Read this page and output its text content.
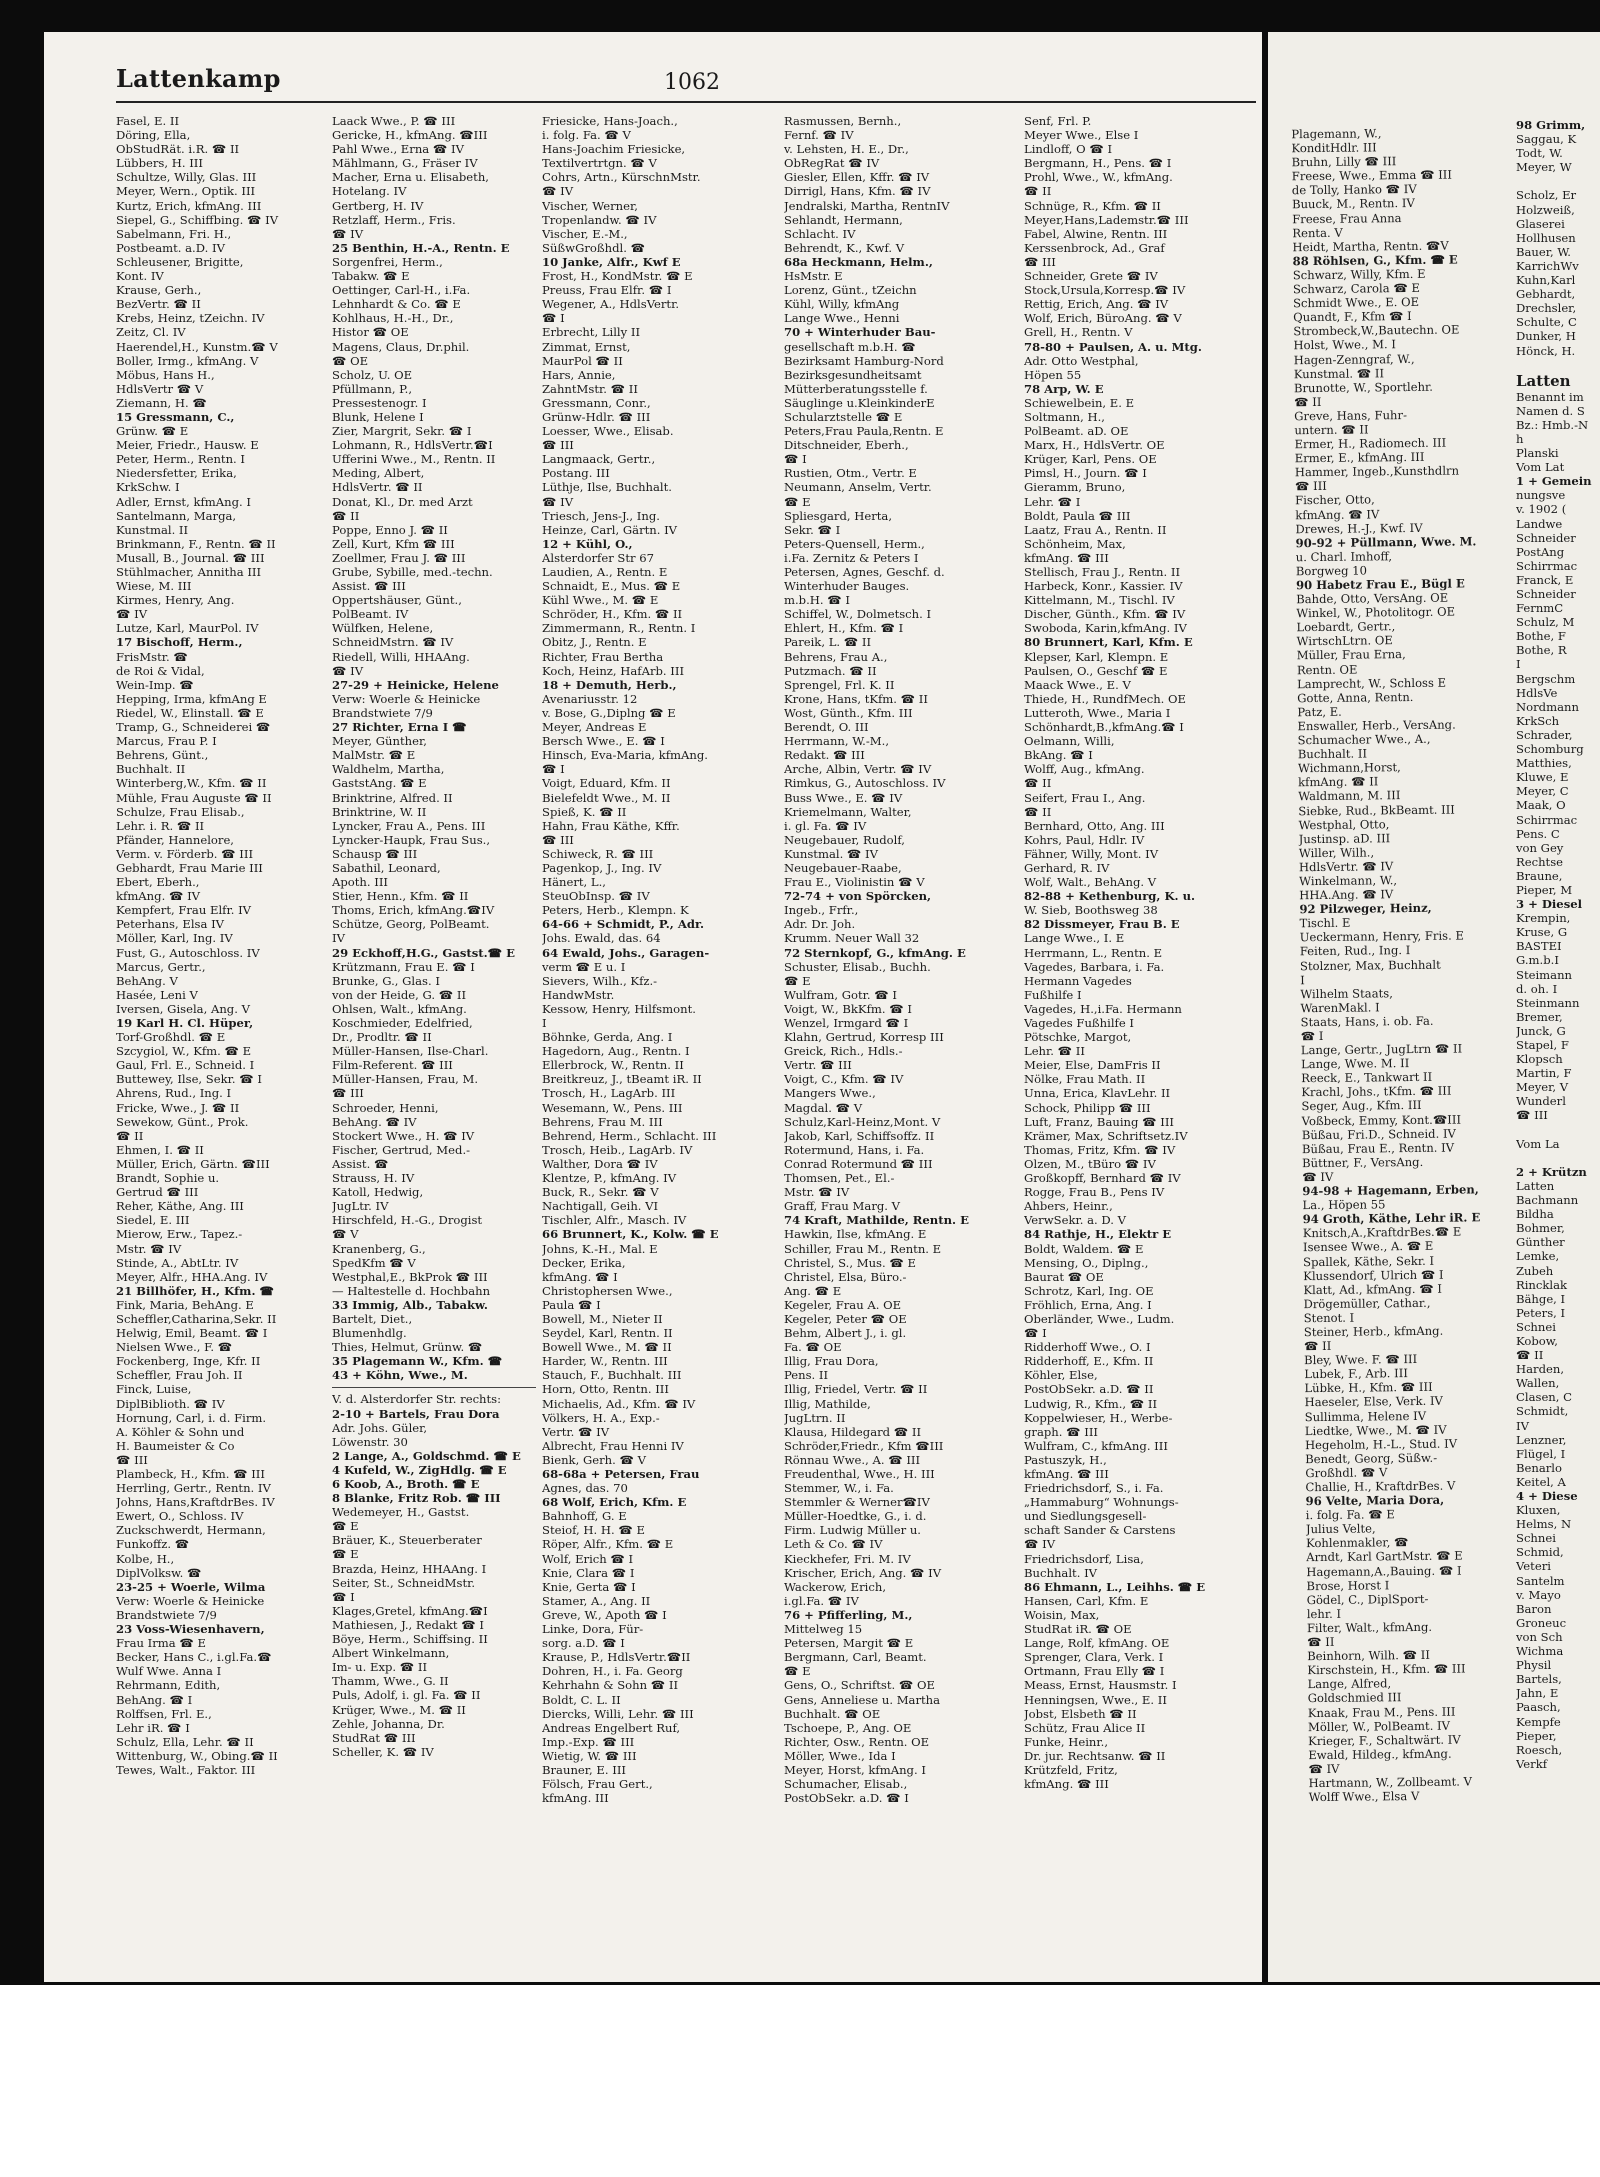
Lattenkamp	1062
Fasel, E. II
Döring, Ella,
ObStudRät. i.R. ☎ II
Lübbers, H. III
Schultze, Willy, Glas. III
Meyer, Wern., Optik. III
Kurtz, Erich, kfmAng. III
Siepel, G., Schiffbing. ☎ IV
Sabelmann, Fri. H.,
Postbeamt. a.D. IV
Schleusener, Brigitte,
Kont. IV
Krause, Gerh.,
BezVertr. ☎ II
Krebs, Heinz, tZeichn. IV
Zeitz, Cl. IV
Haerendel,H., Kunstm.☎ V
Boller, Irmg., kfmAng. V
Möbus, Hans H.,
HdlsVertr ☎ V
Ziemann, H. ☎
15 Gressmann, C.,
Grünw. ☎ E
Meier, Friedr., Hausw. E
Peter, Herm., Rentn. I
Niedersfetter, Erika,
KrkSchw. I
Adler, Ernst, kfmAng. I
Santelmann, Marga,
Kunstmal. II
Brinkmann, F., Rentn. ☎ II
Musall, B., Journal. ☎ III
Stühlmacher, Annitha III
Wiese, M. III
Kirmes, Henry, Ang.
☎ IV
Lutze, Karl, MaurPol. IV
17 Bischoff, Herm.,
FrisMstr. ☎
de Roi & Vidal,
Wein-Imp. ☎
Hepping, Irma, kfmAng E
Riedel, W., Elinstall. ☎ E
Tramp, G., Schneiderei ☎
Marcus, Frau P. I
Behrens, Günt.,
Buchhalt. II
Winterberg,W., Kfm. ☎ II
Mühle, Frau Auguste ☎ II
Schulze, Frau Elisab.,
Lehr. i. R. ☎ II
Pfänder, Hannelore,
Verm. v. Förderb. ☎ III
Gebhardt, Frau Marie III
Ebert, Eberh.,
kfmAng. ☎ IV
Kempfert, Frau Elfr. IV
Peterhans, Elsa IV
Möller, Karl, Ing. IV
Fust, G., Autoschloss. IV
Marcus, Gertr.,
BehAng. V
Hasée, Leni V
Iversen, Gisela, Ang. V
19 Karl H. Cl. Hüper,
Torf-Großhdl. ☎ E
Szcygiol, W., Kfm. ☎ E
Gaul, Frl. E., Schneid. I
Buttewey, Ilse, Sekr. ☎ I
Ahrens, Rud., Ing. I
Fricke, Wwe., J. ☎ II
Sewekow, Günt., Prok.
☎ II
Ehmen, I. ☎ II
Müller, Erich, Gärtn. ☎III
Brandt, Sophie u.
Gertrud ☎ III
Reher, Käthe, Ang. III
Siedel, E. III
Mierow, Erw., Tapez.-
Mstr. ☎ IV
Stinde, A., AbtLtr. IV
Meyer, Alfr., HHA.Ang. IV
21 Billhöfer, H., Kfm. ☎
Fink, Maria, BehAng. E
Scheffler,Catharina,Sekr. II
Helwig, Emil, Beamt. ☎ I
Nielsen Wwe., F. ☎
Fockenberg, Inge, Kfr. II
Scheffler, Frau Joh. II
Finck, Luise,
DiplBiblioth. ☎ IV
Hornung, Carl, i. d. Firm.
A. Köhler & Sohn und
H. Baumeister & Co
☎ III
Plambeck, H., Kfm. ☎ III
Herrling, Gertr., Rentn. IV
Johns, Hans,KraftdrBes. IV
Ewert, O., Schloss. IV
Zuckschwerdt, Hermann,
Funkoffz. ☎
Kolbe, H.,
DiplVolksw. ☎
23-25 + Woerle, Wilma
Verw: Woerle & Heinicke
Brandstwiete 7/9
23 Voss-Wiesenhavern,
Frau Irma ☎ E
Becker, Hans C., i.gl.Fa.☎
Wulf Wwe. Anna I
Rehrmann, Edith,
BehAng. ☎ I
Rolffsen, Frl. E.,
Lehr iR. ☎ I
Schulz, Ella, Lehr. ☎ II
Wittenburg, W., Obing.☎ II
Tewes, Walt., Faktor. III
Laack Wwe., P. ☎ III
Gericke, H., kfmAng. ☎III
Pahl Wwe., Erna ☎ IV
Mählmann, G., Fräser IV
Macher, Erna u. Elisabeth,
Hotelang. IV
Gertberg, H. IV
Retzlaff, Herm., Fris.
☎ IV
25 Benthin, H.-A., Rentn. E
Sorgenfrei, Herm.,
Tabakw. ☎ E
Oettinger, Carl-H., i.Fa.
Lehnhardt & Co. ☎ E
Kohlhaus, H.-H., Dr.,
Histor ☎ OE
Magens, Claus, Dr.phil.
☎ OE
Scholz, U. OE
Pfüllmann, P.,
Pressestenogr. I
Blunk, Helene I
Zier, Margrit, Sekr. ☎ I
Lohmann, R., HdlsVertr.☎I
Ufferini Wwe., M., Rentn. II
Meding, Albert,
HdlsVertr. ☎ II
Donat, Kl., Dr. med Arzt
☎ II
Poppe, Enno J. ☎ II
Zell, Kurt, Kfm ☎ III
Zoellmer, Frau J. ☎ III
Grube, Sybille, med.-techn.
Assist. ☎ III
Oppertshäuser, Günt.,
PolBeamt. IV
Wülfken, Helene,
SchneidMstrn. ☎ IV
Riedell, Willi, HHAAng.
☎ IV
27-29 + Heinicke, Helene
Verw: Woerle & Heinicke
Brandstwiete 7/9
27 Richter, Erna I ☎
Meyer, Günther,
MalMstr. ☎ E
Waldhelm, Martha,
GaststAng. ☎ E
Brinktrine, Alfred. II
Brinktrine, W. II
Lyncker, Frau A., Pens. III
Lyncker-Haupk, Frau Sus.,
Schausp ☎ III
Sabathil, Leonard,
Apoth. III
Stier, Henn., Kfm. ☎ II
Thoms, Erich, kfmAng.☎IV
Schütze, Georg, PolBeamt.
IV
29 Eckhoff,H.G., Gastst.☎ E
Krützmann, Frau E. ☎ I
Brunke, G., Glas. I
von der Heide, G. ☎ II
Ohlsen, Walt., kfmAng.
Koschmieder, Edelfried,
Dr., Prodltr. ☎ II
Müller-Hansen, Ilse-Charl.
Film-Referent. ☎ III
Müller-Hansen, Frau, M.
☎ III
Schroeder, Henni,
BehAng. ☎ IV
Stockert Wwe., H. ☎ IV
Fischer, Gertrud, Med.-
Assist. ☎
Strauss, H. IV
Katoll, Hedwig,
JugLtr. IV
Hirschfeld, H.-G., Drogist
☎ V
Kranenberg, G.,
SpedKfm ☎ V
Westphal,E., BkProk ☎ III
— Haltestelle d. Hochbahn
33 Immig, Alb., Tabakw.
Bartelt, Diet.,
Blumenhdlg.
Thies, Helmut, Grünw. ☎
35 Plagemann W., Kfm. ☎
43 + Köhn, Wwe., M.
V. d. Alsterdorfer Str. rechts:
2-10 + Bartels, Frau Dora
Adr. Johs. Güler,
Löwenstr. 30
2 Lange, A., Goldschmd. ☎ E
4 Kufeld, W., ZigHdlg. ☎ E
6 Koob, A., Broth. ☎ E
8 Blanke, Fritz Rob. ☎ III
Wedemeyer, H., Gastst.
☎ E
Bräuer, K., Steuerberater
☎ E
Brazda, Heinz, HHAAng. I
Seiter, St., SchneidMstr.
☎ I
Klages,Gretel, kfmAng.☎I
Mathiesen, J., Redakt ☎ I
Böye, Herm., Schiffsing. II
Albert Winkelmann,
Im- u. Exp. ☎ II
Thamm, Wwe., G. II
Puls, Adolf, i. gl. Fa. ☎ II
Krüger, Wwe., M. ☎ II
Zehle, Johanna, Dr.
StudRat ☎ III
Scheller, K. ☎ IV
Friesicke, Hans-Joach.,
i. folg. Fa. ☎ V
Hans-Joachim Friesicke,
Textilvertrtgn. ☎ V
Cohrs, Artn., KürschnMstr.
☎ IV
Vischer, Werner,
Tropenlandw. ☎ IV
Vischer, E.-M.,
SüßwGroßhdl. ☎
10 Janke, Alfr., Kwf E
Frost, H., KondMstr. ☎ E
Preuss, Frau Elfr. ☎ I
Wegener, A., HdlsVertr.
☎ I
Erbrecht, Lilly II
Zimmat, Ernst,
MaurPol ☎ II
Hars, Annie,
ZahntMstr. ☎ II
Gressmann, Conr.,
Grünw-Hdlr. ☎ III
Loesser, Wwe., Elisab.
☎ III
Langmaack, Gertr.,
Postang. III
Lüthje, Ilse, Buchhalt.
☎ IV
Triesch, Jens-J., Ing.
Heinze, Carl, Gärtn. IV
12 + Kühl, O.,
Alsterdorfer Str 67
Laudien, A., Rentn. E
Schnaidt, E., Mus. ☎ E
Kühl Wwe., M. ☎ E
Schröder, H., Kfm. ☎ II
Zimmermann, R., Rentn. I
Obitz, J., Rentn. E
Richter, Frau Bertha
Koch, Heinz, HafArb. III
18 + Demuth, Herb.,
Avenariusstr. 12
v. Bose, G.,Diplng ☎ E
Meyer, Andreas E
Bersch Wwe., E. ☎ I
Hinsch, Eva-Maria, kfmAng.
☎ I
Voigt, Eduard, Kfm. II
Bielefeldt Wwe., M. II
Spieß, K. ☎ II
Hahn, Frau Käthe, Kffr.
☎ III
Schiweck, R. ☎ III
Pagenkop, J., Ing. IV
Hänert, L.,
SteuObInsp. ☎ IV
Peters, Herb., Klempn. K
64-66 + Schmidt, P., Adr.
Johs. Ewald, das. 64
64 Ewald, Johs., Garagen-
verm ☎ E u. I
Sievers, Wilh., Kfz.-
HandwMstr.
Kessow, Henry, Hilfsmont.
I
Böhnke, Gerda, Ang. I
Hagedorn, Aug., Rentn. I
Ellerbrock, W., Rentn. II
Breitkreuz, J., tBeamt iR. II
Trosch, H., LagArb. III
Wesemann, W., Pens. III
Behrens, Frau M. III
Behrend, Herm., Schlacht. III
Trosch, Heib., LagArb. IV
Walther, Dora ☎ IV
Klentze, P., kfmAng. IV
Buck, R., Sekr. ☎ V
Nachtigall, Geih. VI
Tischler, Alfr., Masch. IV
66 Brunnert, K., Kolw. ☎ E
Johns, K.-H., Mal. E
Decker, Erika,
kfmAng. ☎ I
Christophersen Wwe.,
Paula ☎ I
Bowell, M., Nieter II
Seydel, Karl, Rentn. II
Bowell Wwe., M. ☎ II
Harder, W., Rentn. III
Stauch, F., Buchhalt. III
Horn, Otto, Rentn. III
Michaelis, Ad., Kfm. ☎ IV
Völkers, H. A., Exp.-
Vertr. ☎ IV
Albrecht, Frau Henni IV
Bienk, Gerh. ☎ V
68-68a + Petersen, Frau
Agnes, das. 70
68 Wolf, Erich, Kfm. E
Bahnhoff, G. E
Steiof, H. H. ☎ E
Röper, Alfr., Kfm. ☎ E
Wolf, Erich ☎ I
Knie, Clara ☎ I
Knie, Gerta ☎ I
Stamer, A., Ang. II
Greve, W., Apoth ☎ I
Linke, Dora, Für-
sorg. a.D. ☎ I
Krause, P., HdlsVertr.☎II
Dohren, H., i. Fa. Georg
Kehrhahn & Sohn ☎ II
Boldt, C. L. II
Diercks, Willi, Lehr. ☎ III
Andreas Engelbert Ruf,
Imp.-Exp. ☎ III
Wietig, W. ☎ III
Brauner, E. III
Fölsch, Frau Gert.,
kfmAng. III
Rasmussen, Bernh.,
Fernf. ☎ IV
v. Lehsten, H. E., Dr.,
ObRegRat ☎ IV
Giesler, Ellen, Kffr. ☎ IV
Dirrigl, Hans, Kfm. ☎ IV
Jendralski, Martha, RentnIV
Sehlandt, Hermann,
Schlacht. IV
Behrendt, K., Kwf. V
68a Heckmann, Helm.,
HsMstr. E
Lorenz, Günt., tZeichn
Kühl, Willy, kfmAng
Lange Wwe., Henni
70 + Winterhuder Bau-
gesellschaft m.b.H. ☎
Bezirksamt Hamburg-Nord
Bezirksgesundheitsamt
Mütterberatungsstelle f.
Säuglinge u.KleinkinderE
Schularztstelle ☎ E
Peters,Frau Paula,Rentn. E
Ditschneider, Eberh.,
☎ I
Rustien, Otm., Vertr. E
Neumann, Anselm, Vertr.
☎ E
Spliesgard, Herta,
Sekr. ☎ I
Peters-Quensell, Herm.,
i.Fa. Zernitz & Peters I
Petersen, Agnes, Geschf. d.
Winterhuder Bauges.
m.b.H. ☎ I
Schiffel, W., Dolmetsch. I
Ehlert, H., Kfm. ☎ I
Pareik, L. ☎ II
Behrens, Frau A.,
Putzmach. ☎ II
Sprengel, Frl. K. II
Krone, Hans, tKfm. ☎ II
Wost, Günth., Kfm. III
Berendt, O. III
Herrmann, W.-M.,
Redakt. ☎ III
Arche, Albin, Vertr. ☎ IV
Rimkus, G., Autoschloss. IV
Buss Wwe., E. ☎ IV
Kriemelmann, Walter,
i. gl. Fa. ☎ IV
Neugebauer, Rudolf,
Kunstmal. ☎ IV
Neugebauer-Raabe,
Frau E., Violinistin ☎ V
72-74 + von Spörcken,
Ingeb., Frfr.,
Adr. Dr. Joh.
Krumm. Neuer Wall 32
72 Sternkopf, G., kfmAng. E
Schuster, Elisab., Buchh.
☎ E
Wulfram, Gotr. ☎ I
Voigt, W., BkKfm. ☎ I
Wenzel, Irmgard ☎ I
Klahn, Gertrud, Korresp III
Greick, Rich., Hdls.-
Vertr. ☎ III
Voigt, C., Kfm. ☎ IV
Mangers Wwe.,
Magdal. ☎ V
Schulz,Karl-Heinz,Mont. V
Jakob, Karl, Schiffsoffz. II
Rotermund, Hans, i. Fa.
Conrad Rotermund ☎ III
Thomsen, Pet., El.-
Mstr. ☎ IV
Graff, Frau Marg. V
74 Kraft, Mathilde, Rentn. E
Hawkin, Ilse, kfmAng. E
Schiller, Frau M., Rentn. E
Christel, S., Mus. ☎ E
Christel, Elsa, Büro.-
Ang. ☎ E
Kegeler, Frau A. OE
Kegeler, Peter ☎ OE
Behm, Albert J., i. gl.
Fa. ☎ OE
Illig, Frau Dora,
Pens. II
Illig, Friedel, Vertr. ☎ II
Illig, Mathilde,
JugLtrn. II
Klausa, Hildegard ☎ II
Schröder,Friedr., Kfm ☎III
Rönnau Wwe., A. ☎ III
Freudenthal, Wwe., H. III
Stemmer, W., i. Fa.
Stemmler & Werner☎IV
Müller-Hoedtke, G., i. d.
Firm. Ludwig Müller u.
Leth & Co. ☎ IV
Kieckhefer, Fri. M. IV
Krischer, Erich, Ang. ☎ IV
Wackerow, Erich,
i.gl.Fa. ☎ IV
76 + Pfifferling, M.,
Mittelweg 15
Petersen, Margit ☎ E
Bergmann, Carl, Beamt.
☎ E
Gens, O., Schriftst. ☎ OE
Gens, Anneliese u. Martha
Buchhalt. ☎ OE
Tschoepe, P., Ang. OE
Richter, Osw., Rentn. OE
Möller, Wwe., Ida I
Meyer, Horst, kfmAng. I
Schumacher, Elisab.,
PostObSekr. a.D. ☎ I
Senf, Frl. P.
Meyer Wwe., Else I
Lindloff, O ☎ I
Bergmann, H., Pens. ☎ I
Prohl, Wwe., W., kfmAng.
☎ II
Schnüge, R., Kfm. ☎ II
Meyer,Hans,Lademstr.☎ III
Fabel, Alwine, Rentn. III
Kerssenbrock, Ad., Graf
☎ III
Schneider, Grete ☎ IV
Stock,Ursula,Korresp.☎ IV
Rettig, Erich, Ang. ☎ IV
Wolf, Erich, BüroAng. ☎ V
Grell, H., Rentn. V
78-80 + Paulsen, A. u. Mtg.
Adr. Otto Westphal,
Höpen 55
78 Arp, W. E
Schiewelbein, E. E
Soltmann, H.,
PolBeamt. aD. OE
Marx, H., HdlsVertr. OE
Krüger, Karl, Pens. OE
Pimsl, H., Journ. ☎ I
Gieramm, Bruno,
Lehr. ☎ I
Boldt, Paula ☎ III
Laatz, Frau A., Rentn. II
Schönheim, Max,
kfmAng. ☎ III
Stellisch, Frau J., Rentn. II
Harbeck, Konr., Kassier. IV
Kittelmann, M., Tischl. IV
Discher, Günth., Kfm. ☎ IV
Swoboda, Karin,kfmAng. IV
80 Brunnert, Karl, Kfm. E
Klepser, Karl, Klempn. E
Paulsen, O., Geschf ☎ E
Maack Wwe., E. V
Thiede, H., RundfMech. OE
Lutteroth, Wwe., Maria I
Schönhardt,B.,kfmAng.☎ I
Oelmann, Willi,
BkAng. ☎ I
Wolff, Aug., kfmAng.
☎ II
Seifert, Frau I., Ang.
☎ II
Bernhard, Otto, Ang. III
Kohrs, Paul, Hdlr. IV
Fähner, Willy, Mont. IV
Gerhard, R. IV
Wolf, Walt., BehAng. V
82-88 + Kethenburg, K. u.
W. Sieb, Boothsweg 38
82 Dissmeyer, Frau B. E
Lange Wwe., I. E
Herrmann, L., Rentn. E
Vagedes, Barbara, i. Fa.
Hermann Vagedes
Fußhilfe I
Vagedes, H.,i.Fa. Hermann
Vagedes Fußhilfe I
Pötschke, Margot,
Lehr. ☎ II
Meier, Else, DamFris II
Nölke, Frau Math. II
Unna, Erica, KlavLehr. II
Schock, Philipp ☎ III
Luft, Franz, Bauing ☎ III
Krämer, Max, Schriftsetz.IV
Thomas, Fritz, Kfm. ☎ IV
Olzen, M., tBüro ☎ IV
Großkopff, Bernhard ☎ IV
Rogge, Frau B., Pens IV
Ahbers, Heinr.,
VerwSekr. a. D. V
84 Rathje, H., Elektr E
Boldt, Waldem. ☎ E
Mensing, O., Diplng.,
Baurat ☎ OE
Schrotz, Karl, Ing. OE
Fröhlich, Erna, Ang. I
Oberländer, Wwe., Ludm.
☎ I
Ridderhoff Wwe., O. I
Ridderhoff, E., Kfm. II
Köhler, Else,
PostObSekr. a.D. ☎ II
Ludwig, R., Kfm., ☎ II
Koppelwieser, H., Werbe-
graph. ☎ III
Wulfram, C., kfmAng. III
Pastuszyk, H.,
kfmAng. ☎ III
Friedrichsdorf, S., i. Fa.
„Hammaburg“ Wohnungs-
und Siedlungsgesell-
schaft Sander & Carstens
☎ IV
Friedrichsdorf, Lisa,
Buchhalt. IV
86 Ehmann, L., Leihhs. ☎ E
Hansen, Carl, Kfm. E
Woisin, Max,
StudRat iR. ☎ OE
Lange, Rolf, kfmAng. OE
Sprenger, Clara, Verk. I
Ortmann, Frau Elly ☎ I
Meass, Ernst, Hausmstr. I
Henningsen, Wwe., E. II
Jobst, Elsbeth ☎ II
Schütz, Frau Alice II
Funke, Heinr.,
Dr. jur. Rechtsanw. ☎ II
Krützfeld, Fritz,
kfmAng. ☎ III
Plagemann, W.,
KonditHdlr. III
Bruhn, Lilly ☎ III
Freese, Wwe., Emma ☎ III
de Tolly, Hanko ☎ IV
Buuck, M., Rentn. IV
Freese, Frau Anna
Renta. V
Heidt, Martha, Rentn. ☎V
88 Röhlsen, G., Kfm. ☎ E
Schwarz, Willy, Kfm. E
Schwarz, Carola ☎ E
Schmidt Wwe., E. OE
Quandt, F., Kfm ☎ I
Strombeck,W.,Bautechn. OE
Holst, Wwe., M. I
Hagen-Zenngraf, W.,
Kunstmal. ☎ II
Brunotte, W., Sportlehr.
☎ II
Greve, Hans, Fuhr-
untern. ☎ II
Ermer, H., Radiomech. III
Ermer, E., kfmAng. III
Hammer, Ingeb.,Kunsthdlrn
☎ III
Fischer, Otto,
kfmAng. ☎ IV
Drewes, H.-J., Kwf. IV
90-92 + Püllmann, Wwe. M.
u. Charl. Imhoff,
Borgweg 10
90 Habetz Frau E., Bügl E
Bahde, Otto, VersAng. OE
Winkel, W., Photolitogr. OE
Loebardt, Gertr.,
WirtschLtrn. OE
Müller, Frau Erna,
Rentn. OE
Lamprecht, W., Schloss E
Gotte, Anna, Rentn.
Patz, E.
Enswaller, Herb., VersAng.
Schumacher Wwe., A.,
Buchhalt. II
Wichmann,Horst,
kfmAng. ☎ II
Waldmann, M. III
Siebke, Rud., BkBeamt. III
Westphal, Otto,
Justinsp. aD. III
Willer, Wilh.,
HdlsVertr. ☎ IV
Winkelmann, W.,
HHA.Ang. ☎ IV
92 Pilzweger, Heinz,
Tischl. E
Ueckermann, Henry, Fris. E
Feiten, Rud., Ing. I
Stolzner, Max, Buchhalt
I
Wilhelm Staats,
WarenMakl. I
Staats, Hans, i. ob. Fa.
☎ I
Lange, Gertr., JugLtrn ☎ II
Lange, Wwe. M. II
Reeck, E., Tankwart II
Krachl, Johs., tKfm. ☎ III
Seger, Aug., Kfm. III
Voßbeck, Emmy, Kont.☎III
Büßau, Fri.D., Schneid. IV
Büßau, Frau E., Rentn. IV
Büttner, F., VersAng.
☎ IV
94-98 + Hagemann, Erben,
La., Höpen 55
94 Groth, Käthe, Lehr iR. E
Knitsch,A.,KraftdrBes.☎ E
Isensee Wwe., A. ☎ E
Spallek, Käthe, Sekr. I
Klussendorf, Ulrich ☎ I
Klatt, Ad., kfmAng. ☎ I
Drögemüller, Cathar.,
Stenot. I
Steiner, Herb., kfmAng.
☎ II
Bley, Wwe. F. ☎ III
Lubek, F., Arb. III
Lübke, H., Kfm. ☎ III
Haeseler, Else, Verk. IV
Sullimma, Helene IV
Liedtke, Wwe., M. ☎ IV
Hegeholm, H.-L., Stud. IV
Benedt, Georg, Süßw.-
Großhdl. ☎ V
Challie, H., KraftdrBes. V
96 Velte, Maria Dora,
i. folg. Fa. ☎ E
Julius Velte,
Kohlenmakler, ☎
Arndt, Karl GartMstr. ☎ E
Hagemann,A.,Bauing. ☎ I
Brose, Horst I
Gödel, C., DiplSport-
lehr. I
Filter, Walt., kfmAng.
☎ II
Beinhorn, Wilh. ☎ II
Kirschstein, H., Kfm. ☎ III
Lange, Alfred,
Goldschmied III
Knaak, Frau M., Pens. III
Möller, W., PolBeamt. IV
Krieger, F., Schaltwärt. IV
Ewald, Hildeg., kfmAng.
☎ IV
Hartmann, W., Zollbeamt. V
Wolff Wwe., Elsa V
98 Grimm,
Saggau, K
Todt, W.
Meyer, W
Scholz, Er
Holzweiß,
Glaserei
Hollhusen
Bauer, W.
KarrichWv
Kuhn,Karl
Gebhardt,
Drechsler,
Schulte, C
Dunker, H
Hönck, H.
Latten
Benannt im
Namen d. S
Bz.: Hmb.-N
h
Planski
Vom Lat
1 + Gemein
nungsve
v. 1902 (
Landwe
Schneider
PostAng
Schirrmac
Franck, E
Schneider
FernmC
Schulz, M
Bothe, F
Bothe, R
I
Bergschm
HdlsVe
Nordmann
KrkSch
Schrader,
Schomburg
Matthies,
Kluwe, E
Meyer, C
Maak, O
Schirrmac
Pens. C
von Gey
Rechtse
Braune,
Pieper, M
3 + Diesel
Krempin,
Kruse, G
BASTEI
G.m.b.I
Steimann
d. oh. I
Steinmann
Bremer,
Junck, G
Stapel, F
Klopsch
Martin, F
Meyer, V
Wunderl
☎ III
Vom La
2 + Krützn
Latten
Bachmann
Bildha
Bohmer,
Günther
Lemke,
Zubeh
Rincklak
Bähge, I
Peters, I
Schnei
Kobow,
☎ II
Harden,
Wallen,
Clasen, C
Schmidt,
IV
Lenzner,
Flügel, I
Benarlo
Keitel, A
4 + Diese
Kluxen,
Helms, N
Schnei
Schmid,
Veteri
Santelm
v. Mayo
Baron
Groneuc
von Sch
Wichma
Physil
Bartels,
Jahn, E
Paasch,
Kempfe
Pieper,
Roesch,
Verkf
